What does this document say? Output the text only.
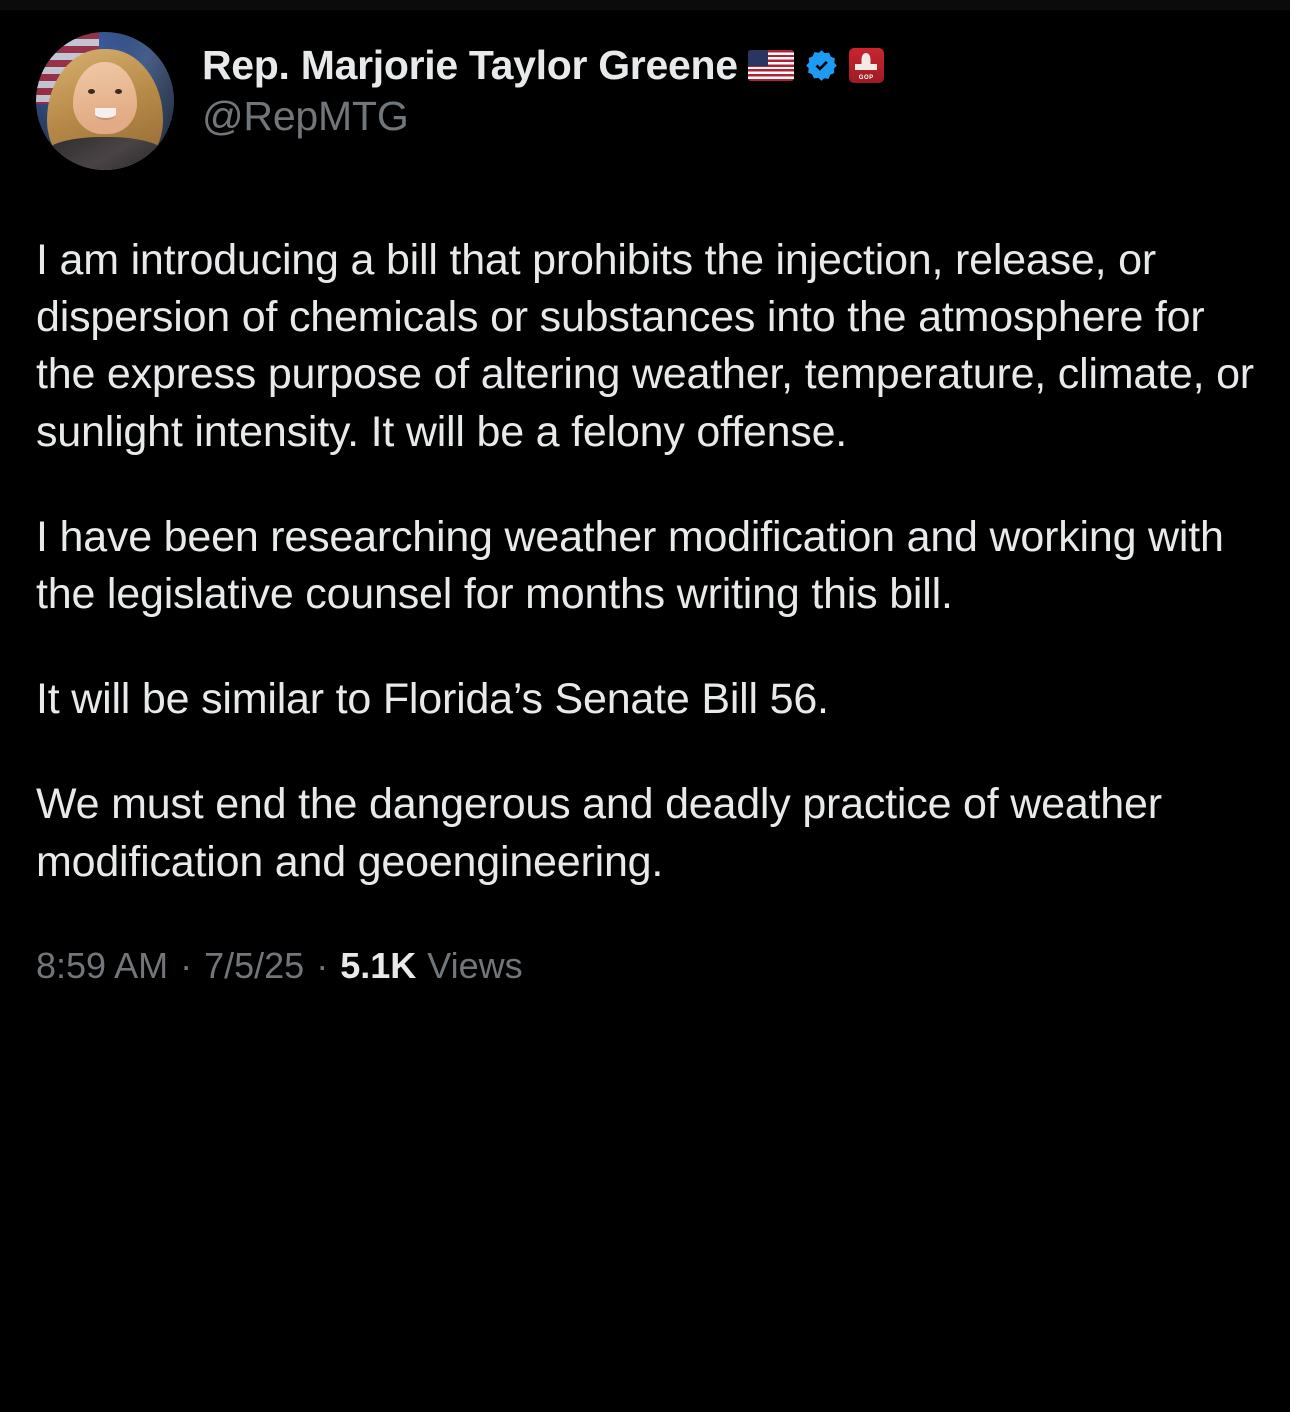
Rep. Marjorie Taylor Greene	GOP
@RepMTG

I am introducing a bill that prohibits the injection, release, or dispersion of chemicals or substances into the atmosphere for the express purpose of altering weather, temperature, climate, or sunlight intensity. It will be a felony offense.

I have been researching weather modification and working with the legislative counsel for months writing this bill.

It will be similar to Florida’s Senate Bill 56.

We must end the dangerous and deadly practice of weather modification and geoengineering.

8:59 AM · 7/5/25 · 5.1K Views
